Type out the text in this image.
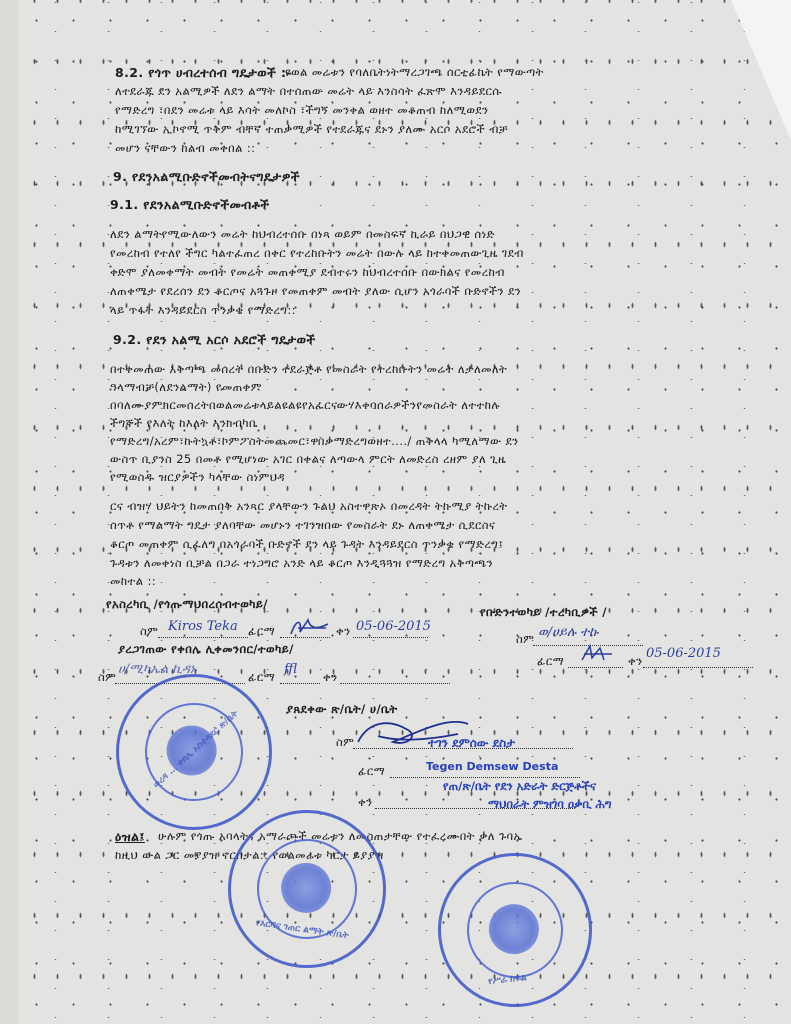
8.2. የጎጥ ሀብረተሰብ ግዴታወች :-
የወል መሬቱን የባለቤትነትማረጋገጫ ሰርቲፊኬት የማውጣት
ለተደራጁ ደን አልሚዎች ለደን ልማት በተሰጠው መሬት ላይ እንስሳት ፈጽሞ እንዳይደርሱ
የማድረግ ፣በደን መሬቱ ላይ እሳት መለኮስ ፣ችግኝ መንቀል ወዘተ መቆጠብ ከለሚወደን
ከሚገኘው ኢኮኖሚ ጥቅም ብቸኛ ተጠቃሚዎች የተደራጁና ደኑን ያለሙ አርሶ አደሮች ብቻ
መሆን ናቸውን ከልብ መቀበል ::
9. የደንአልሚቡድኖችመብትናግዴታዎች
9.1. የደንአልሚቡድኖችመብቶች
ለደን ልማትየሚውለውን መሬት ከህብረተሰቡ በነጻ ወይም በመስፍኛ ኪራይ በህጋዊ ሰነድ
የመረከብ የተለየ ችግር ካልተፈጠረ በቀር የተረከቡትን መሬት በውሉ ላይ ከተቀመጠውጊዜ ገደብ
ቀድሞ ያለመቀማት መብት የመሬት መጠቀሚያ ደብተሩን ከህብረተሰቡ በውክልና የመረከብ
ለጠቀሜታ የደረሰን ደን ቆርጦና አጓጉዞ የመጠቀም መብት ያለው ሲሆን አጎራባች ቡድኖችን ደን
ላይ ጥፋት እንዳይደርስ ጥንቃቄ የማድረግ::
9.2. የደን አልሚ አርሶ አደሮች ግዴታወች
በተቀመጠው አቅጣጫ መሰረት በቡድን ተደራጅቶ የመስራት የተረከቡትን መሬት ለታለመለት
ዓላማብቻ(ለደንልማት) የመጠቀም
በባለሙያምክርመሰረትበወልመሬቱላይልዩልዩየአፈርናውሃእቀባሰራዎችንየመስራት ለተተከሉ
ችግኞች የእለት ከእለት እንክብካቤ
የማድረግ/አረም፣ኩትኳቶ፣ኮምፖስትመጨመር፣ዋበቃማድረግወዘተ..../ ጠቅላላ ካሚለማው ደን
ውስጥ ቢያንስ 25 በመቶ የሚሆነው አገር በቀልና ለጣውላ ምርት ለመድረስ ረዘም ያለ ጊዜ
የሚወስዱ ዝርያዎችን ካላቸው ስነምህዳ
ርና ብዝሃ ህይትን ከመጠበቅ አንጻር ያላቸውን ጉልህ አስተዋጽኦ በመረዳት ትኩሚያ ትኩረት
ሰጥቶ የማልማት ግዴታ ያለባቸው መሆኑን ተገንዝበው የመስራት ደኑ ለጠቀሜታ ሲደርስና
ቆርጦ መጠቀም ሲፈለግ በአጎራባች ቡድኖች ደን ላይ ጉዳት እንዳይደርስ ጥንቃቄ የማድረግ፤
ጉዳቱን ለመቀነስ ቢቻል በጋራ ተነጋግሮ አንድ ላይ ቆርጦ እንዲጓጓዝ የማድረግ አቅጣጫን
መከተል ::
የአስረካቢ /የጎጡማህበረሰብተወካይ/
የቡድንተወካይ /ተረካቢዎች /
ስም Kiros Teka ፊርማ	ቀን 05-06-2015
ስም ወ/ሀይሉ ተኩ
ፊርማ	ቀን 05-06-2015
ያረጋገጠው የቀበሌ ሊቀመንበር/ተወካይ/
ስም ሀ/ሚካኤል ኪዳኑ	ፊርማ ffl ቀን
ያጸደቀው ጽ/ቤት/ ሀ/ቤት
ስም	ተገን ደምሰው ደስታ
ፊርማ	Tegen Demsew Desta
ቀን
የጠ/ጽ/ቤት የደን አድራት ድርጅቶችና
ማህበራት ምዝገባ ዐቃቢ ሕግ
ዕዝል፤ ሁሉም የጎጡ አባላትና አማራጮች መሬቱን ለመስጠታቸው የተፈረሙበት ቃለ ጉባኤ
ከዚህ ውል ጋር መያያዝ ኖርበታል:: የወልመሬቱ ካርታ ይያያዝ
ወረዳ … ቀበሌ አስተዳደር ጽ/ቤት
የእርሻና ገጠር ልማት ጽ/ቤት
የሥራ ክፍል
